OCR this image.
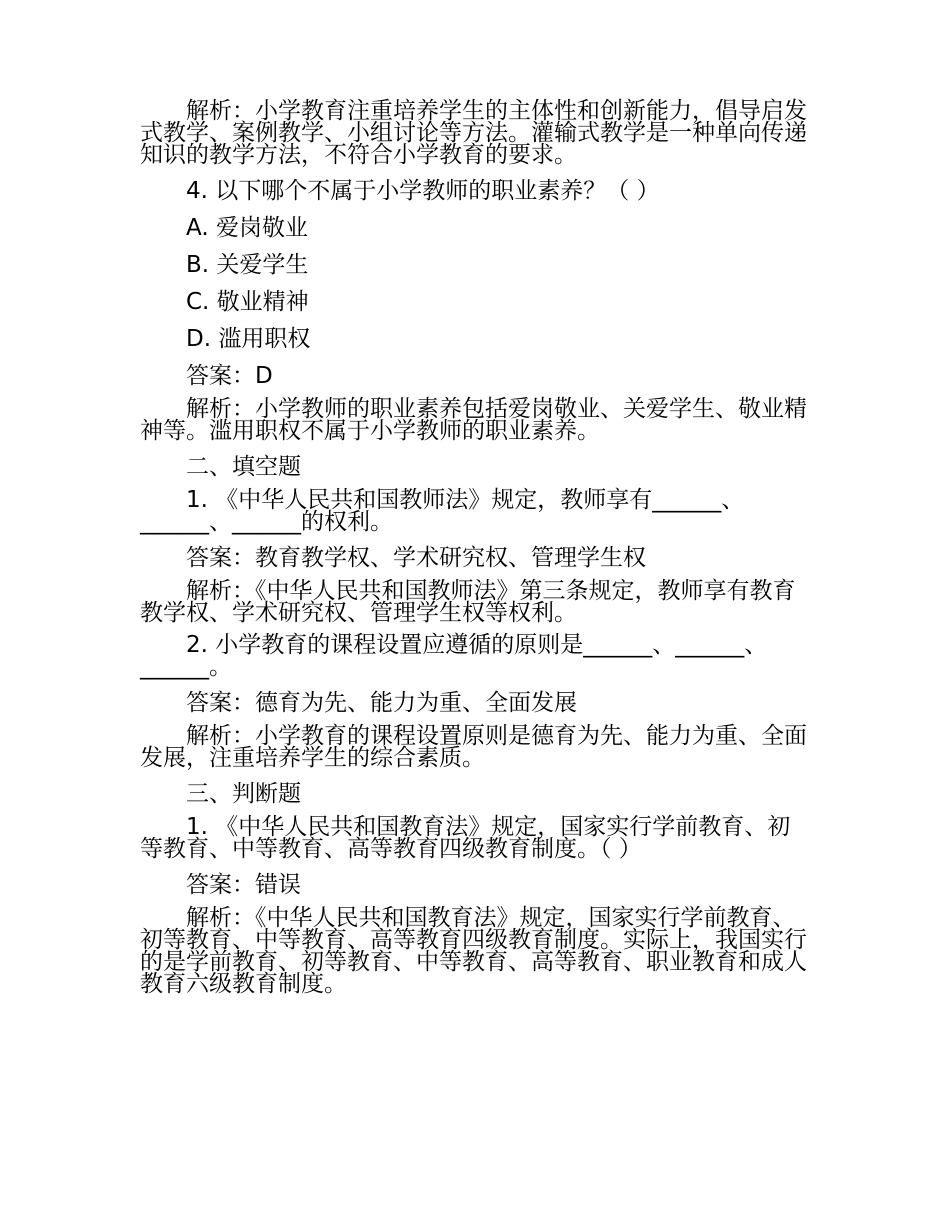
解析：小学教育注重培养学生的主体性和创新能力，倡导启发式教学、案例教学、小组讨论等方法。灌输式教学是一种单向传递知识的教学方法，不符合小学教育的要求。

4. 以下哪个不属于小学教师的职业素养？（ ）

A. 爱岗敬业

B. 关爱学生

C. 敬业精神

D. 滥用职权

答案：D

解析：小学教师的职业素养包括爱岗敬业、关爱学生、敬业精神等。滥用职权不属于小学教师的职业素养。

二、填空题

1. 《中华人民共和国教师法》规定，教师享有______、______、______的权利。

答案：教育教学权、学术研究权、管理学生权

解析：《中华人民共和国教师法》第三条规定，教师享有教育教学权、学术研究权、管理学生权等权利。

2. 小学教育的课程设置应遵循的原则是______、______、______。

答案：德育为先、能力为重、全面发展

解析：小学教育的课程设置原则是德育为先、能力为重、全面发展，注重培养学生的综合素质。

三、判断题

1. 《中华人民共和国教育法》规定，国家实行学前教育、初等教育、中等教育、高等教育四级教育制度。（ ）

答案：错误

解析：《中华人民共和国教育法》规定，国家实行学前教育、初等教育、中等教育、高等教育四级教育制度。实际上，我国实行的是学前教育、初等教育、中等教育、高等教育、职业教育和成人教育六级教育制度。
